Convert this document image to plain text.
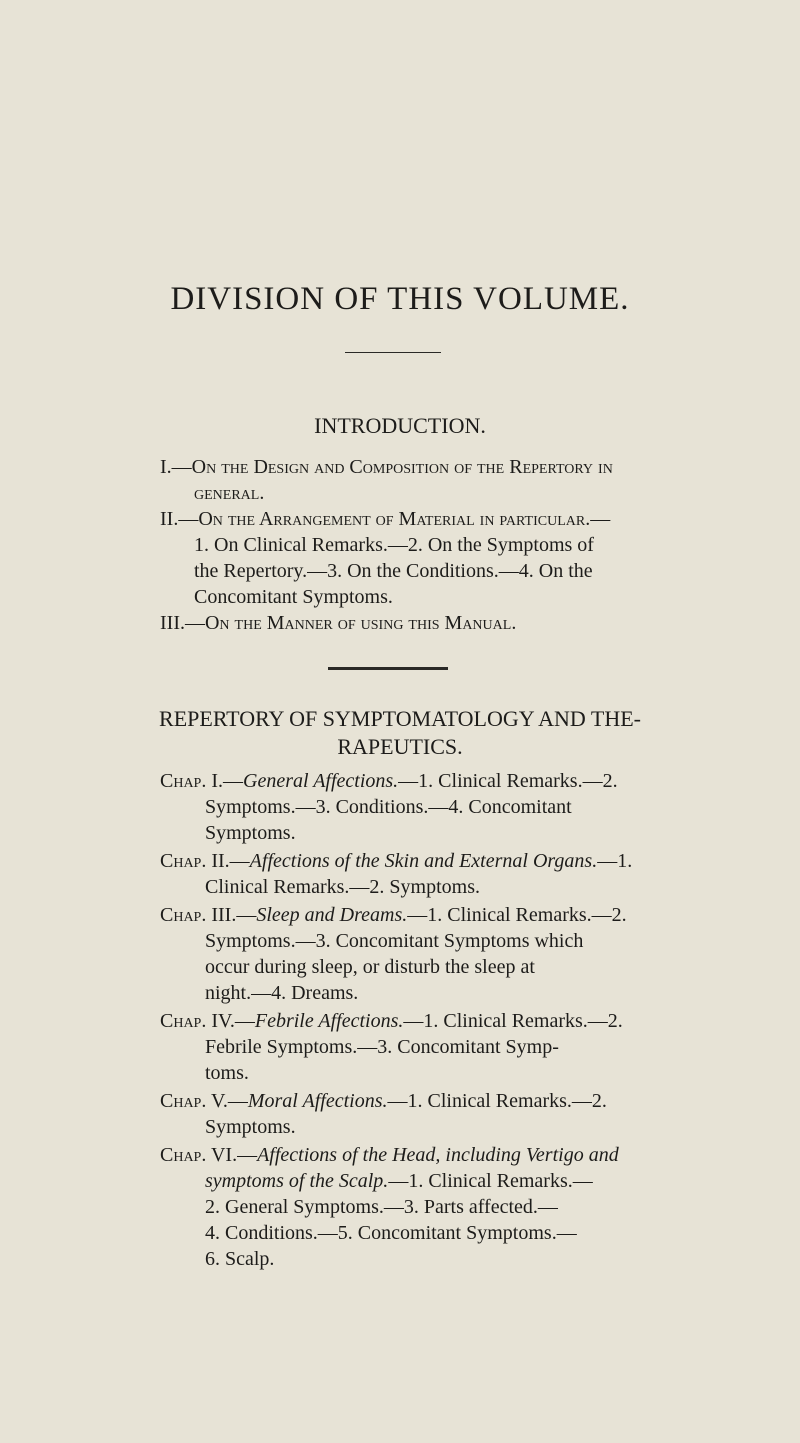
DIVISION OF THIS VOLUME.
INTRODUCTION.
I.—On the Design and Composition of the Repertory in
general.
II.—On the Arrangement of Material in particular.—
1. On Clinical Remarks.—2. On the Symptoms of
the Repertory.—3. On the Conditions.—4. On the
Concomitant Symptoms.
III.—On the Manner of using this Manual.
REPERTORY OF SYMPTOMATOLOGY AND THE-
RAPEUTICS.
Chap. I.—General Affections.—1. Clinical Remarks.—2.
Symptoms.—3. Conditions.—4. Concomitant
Symptoms.
Chap. II.—Affections of the Skin and External Organs.—1.
Clinical Remarks.—2. Symptoms.
Chap. III.—Sleep and Dreams.—1. Clinical Remarks.—2.
Symptoms.—3. Concomitant Symptoms which
occur during sleep, or disturb the sleep at
night.—4. Dreams.
Chap. IV.—Febrile Affections.—1. Clinical Remarks.—2.
Febrile Symptoms.—3. Concomitant Symp-
toms.
Chap. V.—Moral Affections.—1. Clinical Remarks.—2.
Symptoms.
Chap. VI.—Affections of the Head, including Vertigo and
symptoms of the Scalp.—1. Clinical Remarks.—
2. General Symptoms.—3. Parts affected.—
4. Conditions.—5. Concomitant Symptoms.—
6. Scalp.
